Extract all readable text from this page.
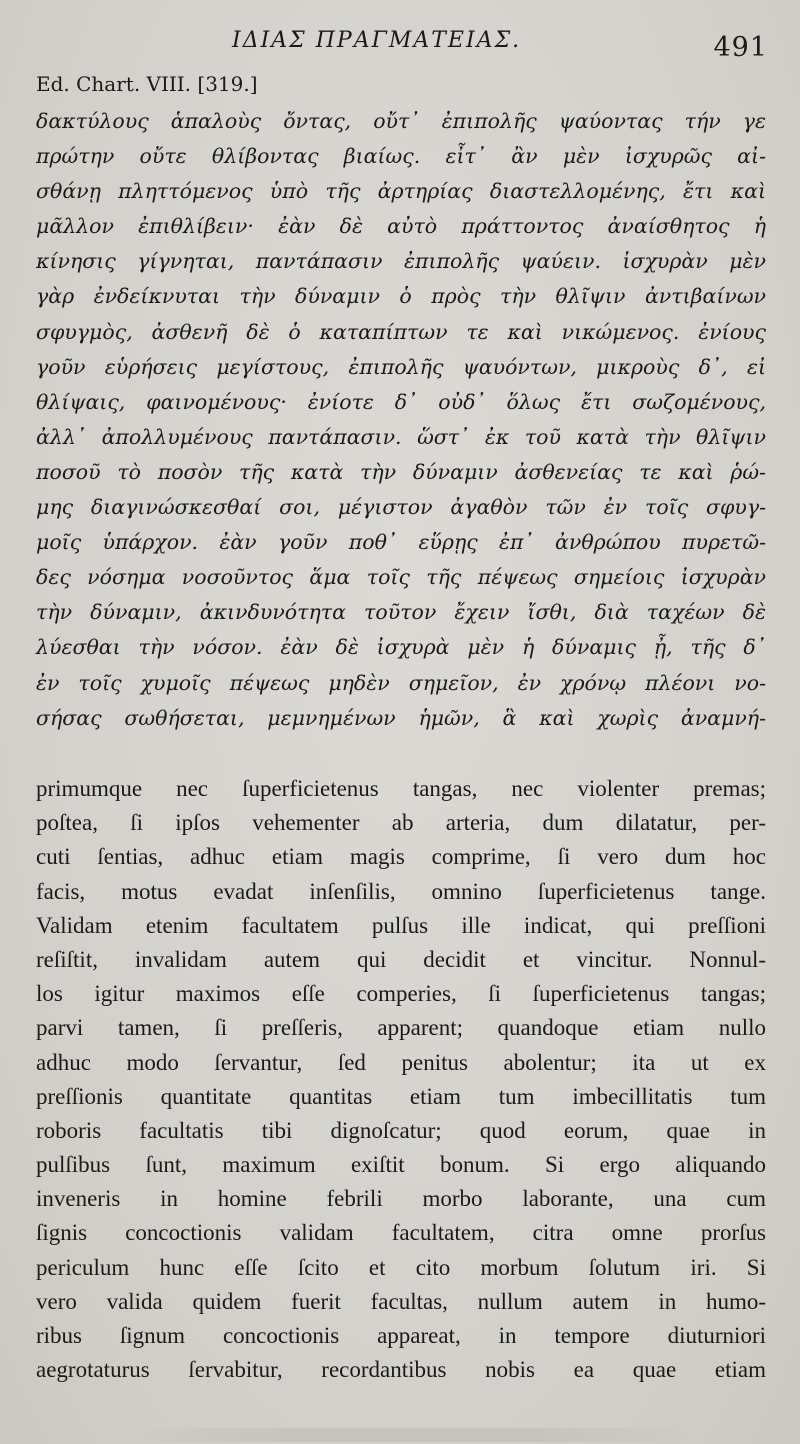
ΙΔΙΑΣ ΠΡΑΓΜΑΤΕΙΑΣ.	491
Ed. Chart. VIII. [319.]
δακτύλους ἁπαλοὺς ὄντας, οὔτ᾽ ἐπιπολῆς ψαύοντας τήν γε
πρώτην οὔτε θλίβοντας βιαίως. εἶτ᾽ ἂν μὲν ἰσχυρῶς αἰ-
σθάνῃ πληττόμενος ὑπὸ τῆς ἀρτηρίας διαστελλομένης, ἔτι καὶ
μᾶλλον ἐπιθλίβειν· ἐὰν δὲ αὐτὸ πράττοντος ἀναίσθητος ἡ
κίνησις γίγνηται, παντάπασιν ἐπιπολῆς ψαύειν. ἰσχυρὰν μὲν
γὰρ ἐνδείκνυται τὴν δύναμιν ὁ πρὸς τὴν θλῖψιν ἀντιβαίνων
σφυγμὸς, ἀσθενῆ δὲ ὁ καταπίπτων τε καὶ νικώμενος. ἐνίους
γοῦν εὑρήσεις μεγίστους, ἐπιπολῆς ψαυόντων, μικροὺς δ᾽, εἰ
θλίψαις, φαινομένους· ἐνίοτε δ᾽ οὐδ᾽ ὅλως ἔτι σωζομένους,
ἀλλ᾽ ἀπολλυμένους παντάπασιν. ὥστ᾽ ἐκ τοῦ κατὰ τὴν θλῖψιν
ποσοῦ τὸ ποσὸν τῆς κατὰ τὴν δύναμιν ἀσθενείας τε καὶ ῥώ-
μης διαγινώσκεσθαί σοι, μέγιστον ἀγαθὸν τῶν ἐν τοῖς σφυγ-
μοῖς ὑπάρχον. ἐὰν γοῦν ποθ᾽ εὕρῃς ἐπ᾽ ἀνθρώπου πυρετῶ-
δες νόσημα νοσοῦντος ἅμα τοῖς τῆς πέψεως σημείοις ἰσχυρὰν
τὴν δύναμιν, ἀκινδυνότητα τοῦτον ἔχειν ἴσθι, διὰ ταχέων δὲ
λύεσθαι τὴν νόσον. ἐὰν δὲ ἰσχυρὰ μὲν ἡ δύναμις ᾖ, τῆς δ᾽
ἐν τοῖς χυμοῖς πέψεως μηδὲν σημεῖον, ἐν χρόνῳ πλέονι νο-
σήσας σωθήσεται, μεμνημένων ἡμῶν, ἃ καὶ χωρὶς ἀναμνή-
primumque nec ſuperficietenus tangas, nec violenter premas;
poſtea, ſi ipſos vehementer ab arteria, dum dilatatur, per-
cuti ſentias, adhuc etiam magis comprime, ſi vero dum hoc
facis, motus evadat inſenſilis, omnino ſuperficietenus tange.
Validam etenim facultatem pulſus ille indicat, qui preſſioni
reſiſtit, invalidam autem qui decidit et vincitur. Nonnul-
los igitur maximos eſſe comperies, ſi ſuperficietenus tangas;
parvi tamen, ſi preſſeris, apparent; quandoque etiam nullo
adhuc modo ſervantur, ſed penitus abolentur; ita ut ex
preſſionis quantitate quantitas etiam tum imbecillitatis tum
roboris facultatis tibi dignoſcatur; quod eorum, quae in
pulſibus ſunt, maximum exiſtit bonum. Si ergo aliquando
inveneris in homine febrili morbo laborante, una cum
ſignis concoctionis validam facultatem, citra omne prorſus
periculum hunc eſſe ſcito et cito morbum ſolutum iri. Si
vero valida quidem fuerit facultas, nullum autem in humo-
ribus ſignum concoctionis appareat, in tempore diuturniori
aegrotaturus ſervabitur, recordantibus nobis ea quae etiam
